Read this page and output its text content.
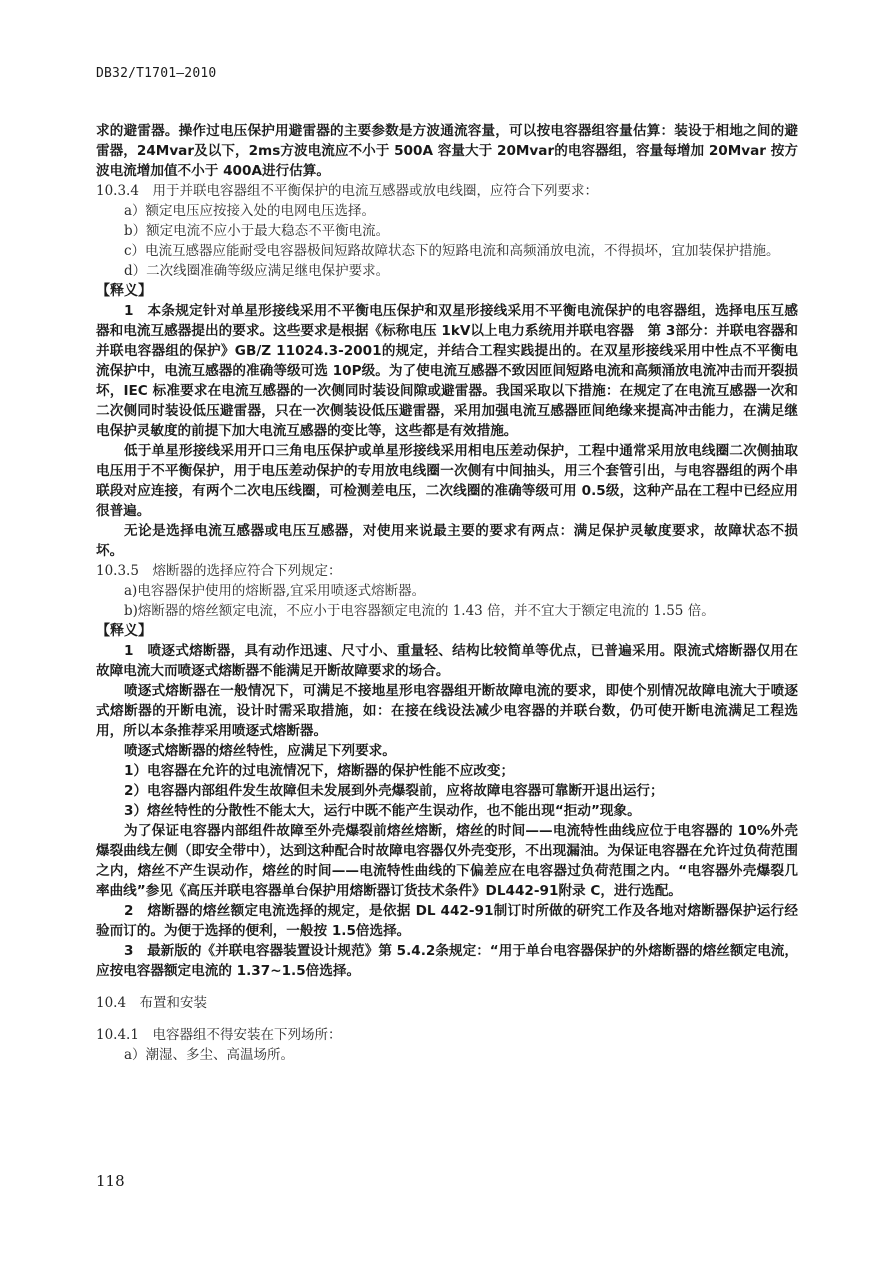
DB32/T1701—2010

求的避雷器。操作过电压保护用避雷器的主要参数是方波通流容量，可以按电容器组容量估算：装设于相地之间的避雷器，24Mvar及以下，2ms方波电流应不小于 500A 容量大于 20Mvar的电容器组，容量每增加 20Mvar 按方波电流增加值不小于 400A进行估算。

10.3.4　用于并联电容器组不平衡保护的电流互感器或放电线圈，应符合下列要求：

a）额定电压应按接入处的电网电压选择。

b）额定电流不应小于最大稳态不平衡电流。

c）电流互感器应能耐受电容器极间短路故障状态下的短路电流和高频涌放电流，不得损坏，宜加装保护措施。

d）二次线圈准确等级应满足继电保护要求。

【释义】

1　本条规定针对单星形接线采用不平衡电压保护和双星形接线采用不平衡电流保护的电容器组，选择电压互感器和电流互感器提出的要求。这些要求是根据《标称电压 1kV以上电力系统用并联电容器　第 3部分：并联电容器和并联电容器组的保护》GB/Z 11024.3-2001的规定，并结合工程实践提出的。在双星形接线采用中性点不平衡电流保护中，电流互感器的准确等级可选 10P级。为了使电流互感器不致因匝间短路电流和高频涌放电流冲击而开裂损坏，IEC 标准要求在电流互感器的一次侧同时装设间隙或避雷器。我国采取以下措施：在规定了在电流互感器一次和二次侧同时装设低压避雷器，只在一次侧装设低压避雷器，采用加强电流互感器匝间绝缘来提高冲击能力，在满足继电保护灵敏度的前提下加大电流互感器的变比等，这些都是有效措施。

低于单星形接线采用开口三角电压保护或单星形接线采用相电压差动保护，工程中通常采用放电线圈二次侧抽取电压用于不平衡保护，用于电压差动保护的专用放电线圈一次侧有中间抽头，用三个套管引出，与电容器组的两个串联段对应连接，有两个二次电压线圈，可检测差电压，二次线圈的准确等级可用 0.5级，这种产品在工程中已经应用很普遍。

无论是选择电流互感器或电压互感器，对使用来说最主要的要求有两点：满足保护灵敏度要求，故障状态不损坏。

10.3.5　熔断器的选择应符合下列规定：

a)电容器保护使用的熔断器,宜采用喷逐式熔断器。

b)熔断器的熔丝额定电流，不应小于电容器额定电流的 1.43 倍，并不宜大于额定电流的 1.55 倍。

【释义】

1　喷逐式熔断器，具有动作迅速、尺寸小、重量轻、结构比较简单等优点，已普遍采用。限流式熔断器仅用在故障电流大而喷逐式熔断器不能满足开断故障要求的场合。

喷逐式熔断器在一般情况下，可满足不接地星形电容器组开断故障电流的要求，即使个别情况故障电流大于喷逐式熔断器的开断电流，设计时需采取措施，如：在接在线设法减少电容器的并联台数，仍可使开断电流满足工程选用，所以本条推荐采用喷逐式熔断器。

喷逐式熔断器的熔丝特性，应满足下列要求。

1）电容器在允许的过电流情况下，熔断器的保护性能不应改变；

2）电容器内部组件发生故障但未发展到外壳爆裂前，应将故障电容器可靠断开退出运行；

3）熔丝特性的分散性不能太大，运行中既不能产生误动作，也不能出现“拒动”现象。

为了保证电容器内部组件故障至外壳爆裂前熔丝熔断，熔丝的时间——电流特性曲线应位于电容器的 10%外壳爆裂曲线左侧（即安全带中），达到这种配合时故障电容器仅外壳变形，不出现漏油。为保证电容器在允许过负荷范围之内，熔丝不产生误动作，熔丝的时间——电流特性曲线的下偏差应在电容器过负荷范围之内。“电容器外壳爆裂几率曲线”参见《高压并联电容器单台保护用熔断器订货技术条件》DL442-91附录 C，进行选配。

2　熔断器的熔丝额定电流选择的规定，是依据 DL 442-91制订时所做的研究工作及各地对熔断器保护运行经验而订的。为便于选择的便利，一般按 1.5倍选择。

3　最新版的《并联电容器装置设计规范》第 5.4.2条规定：“用于单台电容器保护的外熔断器的熔丝额定电流，应按电容器额定电流的 1.37~1.5倍选择。

10.4　布置和安装

10.4.1　电容器组不得安装在下列场所：

a）潮湿、多尘、高温场所。

118
